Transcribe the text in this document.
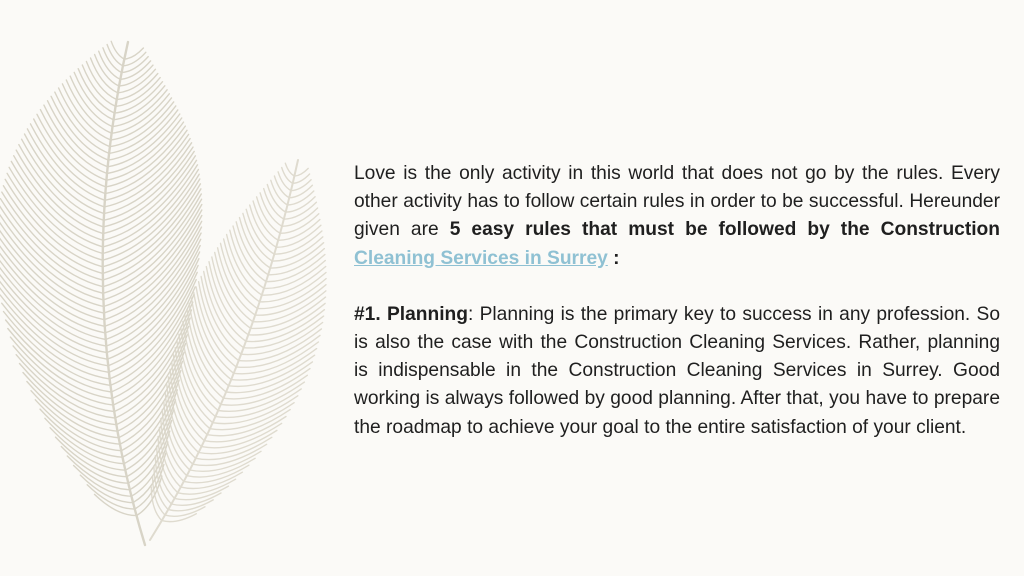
Love is the only activity in this world that does not go by the rules. Every other activity has to follow certain rules in order to be successful. Hereunder given are 5 easy rules that must be followed by the Construction Cleaning Services in Surrey :

#1. Planning: Planning is the primary key to success in any profession. So is also the case with the Construction Cleaning Services. Rather, planning is indispensable in the Construction Cleaning Services in Surrey. Good working is always followed by good planning. After that, you have to prepare the roadmap to achieve your goal to the entire satisfaction of your client.
